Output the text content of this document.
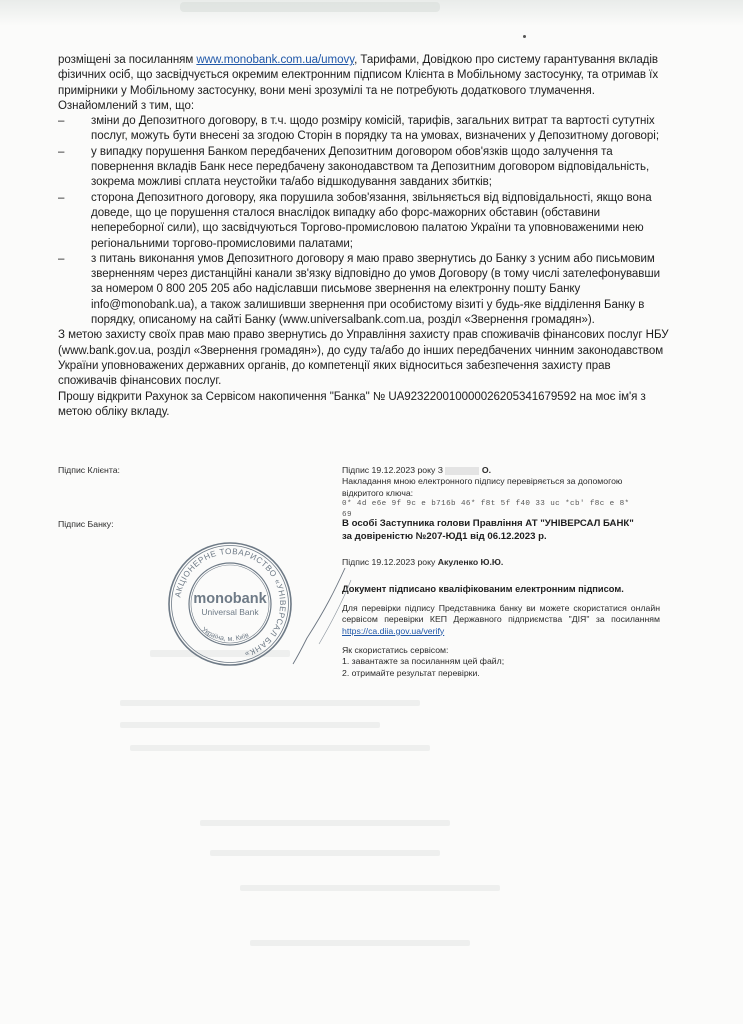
розміщені за посиланням www.monobank.com.ua/umovy, Тарифами, Довідкою про систему гарантування вкладів фізичних осіб, що засвідчується окремим електронним підписом Клієнта в Мобільному застосунку, та отримав їх примірники у Мобільному застосунку, вони мені зрозумілі та не потребують додаткового тлумачення.

Ознайомлений з тим, що:

– зміни до Депозитного договору, в т.ч. щодо розміру комісій, тарифів, загальних витрат та вартості сутутніх послуг, можуть бути внесені за згодою Сторін в порядку та на умовах, визначених у Депозитному договорі;

– у випадку порушення Банком передбачених Депозитним договором обов'язків щодо залучення та повернення вкладів Банк несе передбачену законодавством та Депозитним договором відповідальність, зокрема можливі сплата неустойки та/або відшкодування завданих збитків;

– сторона Депозитного договору, яка порушила зобов'язання, звільняється від відповідальності, якщо вона доведе, що це порушення сталося внаслідок випадку або форс-мажорних обставин (обставини непереборної сили), що засвідчуються Торгово-промисловою палатою України та уповноваженими нею регіональними торгово-промисловими палатами;

– з питань виконання умов Депозитного договору я маю право звернутись до Банку з усним або письмовим зверненням через дистанційні канали зв'язку відповідно до умов Договору (в тому числі зателефонувавши за номером 0 800 205 205 або надіславши письмове звернення на електронну пошту Банку info@monobank.ua), а також залишивши звернення при особистому візиті у будь-яке відділення Банку в порядку, описаному на сайті Банку (www.universalbank.com.ua, розділ «Звернення громадян»).

З метою захисту своїх прав маю право звернутись до Управління захисту прав споживачів фінансових послуг НБУ (www.bank.gov.ua, розділ «Звернення громадян»), до суду та/або до інших передбачених чинним законодавством України уповноважених державних органів, до компетенції яких відноситься забезпечення захисту прав споживачів фінансових послуг.

Прошу відкрити Рахунок за Сервісом накопичення "Банка" № UA923220010000026205341679592 на моє ім'я з метою обліку вкладу.

Підпис Клієнта:	Підпис 19.12.2023 року З	О.
Накладання мною електронного підпису перевіряється за допомогою відкритого ключа:
0* 4d e6e 9f 9c e b716b 46* f8t 5f f40 33 uc *cb' f8c e 8* 69
Підпис Банку:	В особі Заступника голови Правління АТ "УНІВЕРСАЛ БАНК"
за довіреністю №207-ЮД1 від 06.12.2023 р.
Підпис 19.12.2023 року Акуленко Ю.Ю.
Документ підписано кваліфікованим електронним підписом.
Для перевірки підпису Представника банку ви можете скористатися онлайн сервісом перевірки КЕП Державного підприємства "ДІЯ" за посиланням https://ca.diia.gov.ua/verify
Як скористатись сервісом:
1. завантажте за посиланням цей файл;
2. отримайте результат перевірки.
АКЦІОНЕРНЕ ТОВАРИСТВО «УНІВЕРСАЛ БАНК»
Україна, м. Київ
monobank
Universal Bank
